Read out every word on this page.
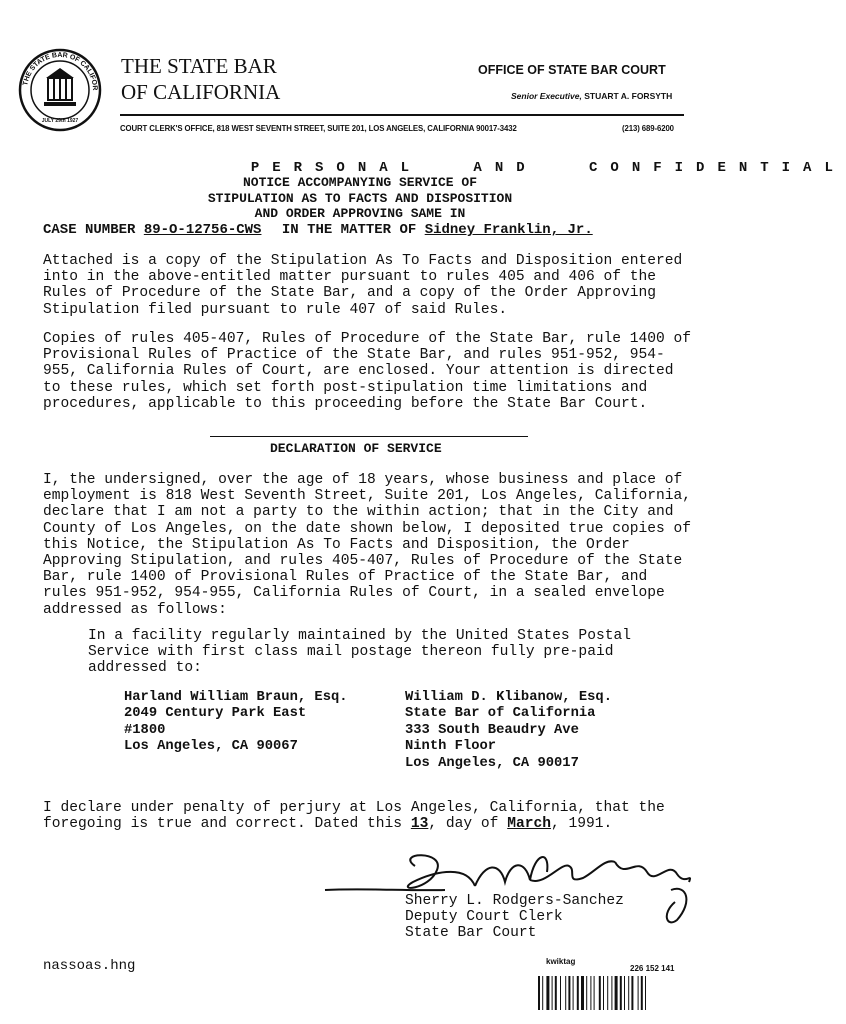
THE STATE BAR OF CALIFOR
JULY 29th 1927
THE STATE BAR
OF CALIFORNIA
OFFICE OF STATE BAR COURT
Senior Executive, STUART A. FORSYTH
COURT CLERK'S OFFICE, 818 WEST SEVENTH STREET, SUITE 201, LOS ANGELES, CALIFORNIA 90017-3432	(213) 689-6200

PERSONAL AND CONFIDENTIAL

NOTICE ACCOMPANYING SERVICE OF
STIPULATION AS TO FACTS AND DISPOSITION
AND ORDER APPROVING SAME IN
CASE NUMBER 89-O-12756-CWS IN THE MATTER OF Sidney Franklin, Jr.
Attached is a copy of the Stipulation As To Facts and Disposition entered
into in the above-entitled matter pursuant to rules 405 and 406 of the
Rules of Procedure of the State Bar, and a copy of the Order Approving
Stipulation filed pursuant to rule 407 of said Rules.
Copies of rules 405-407, Rules of Procedure of the State Bar, rule 1400 of
Provisional Rules of Practice of the State Bar, and rules 951-952, 954-
955, California Rules of Court, are enclosed. Your attention is directed
to these rules, which set forth post-stipulation time limitations and
procedures, applicable to this proceeding before the State Bar Court.
DECLARATION OF SERVICE
I, the undersigned, over the age of 18 years, whose business and place of
employment is 818 West Seventh Street, Suite 201, Los Angeles, California,
declare that I am not a party to the within action; that in the City and
County of Los Angeles, on the date shown below, I deposited true copies of
this Notice, the Stipulation As To Facts and Disposition, the Order
Approving Stipulation, and rules 405-407, Rules of Procedure of the State
Bar, rule 1400 of Provisional Rules of Practice of the State Bar, and
rules 951-952, 954-955, California Rules of Court, in a sealed envelope
addressed as follows:
In a facility regularly maintained by the United States Postal
Service with first class mail postage thereon fully pre-paid
addressed to:
Harland William Braun, Esq.
2049 Century Park East
#1800
Los Angeles, CA 90067
William D. Klibanow, Esq.
State Bar of California
333 South Beaudry Ave
Ninth Floor
Los Angeles, CA 90017
I declare under penalty of perjury at Los Angeles, California, that the
foregoing is true and correct. Dated this 13, day of March, 1991.
Sherry L. Rodgers-Sanchez
Deputy Court Clerk
State Bar Court
nassoas.hng	kwiktag
226 152 141
